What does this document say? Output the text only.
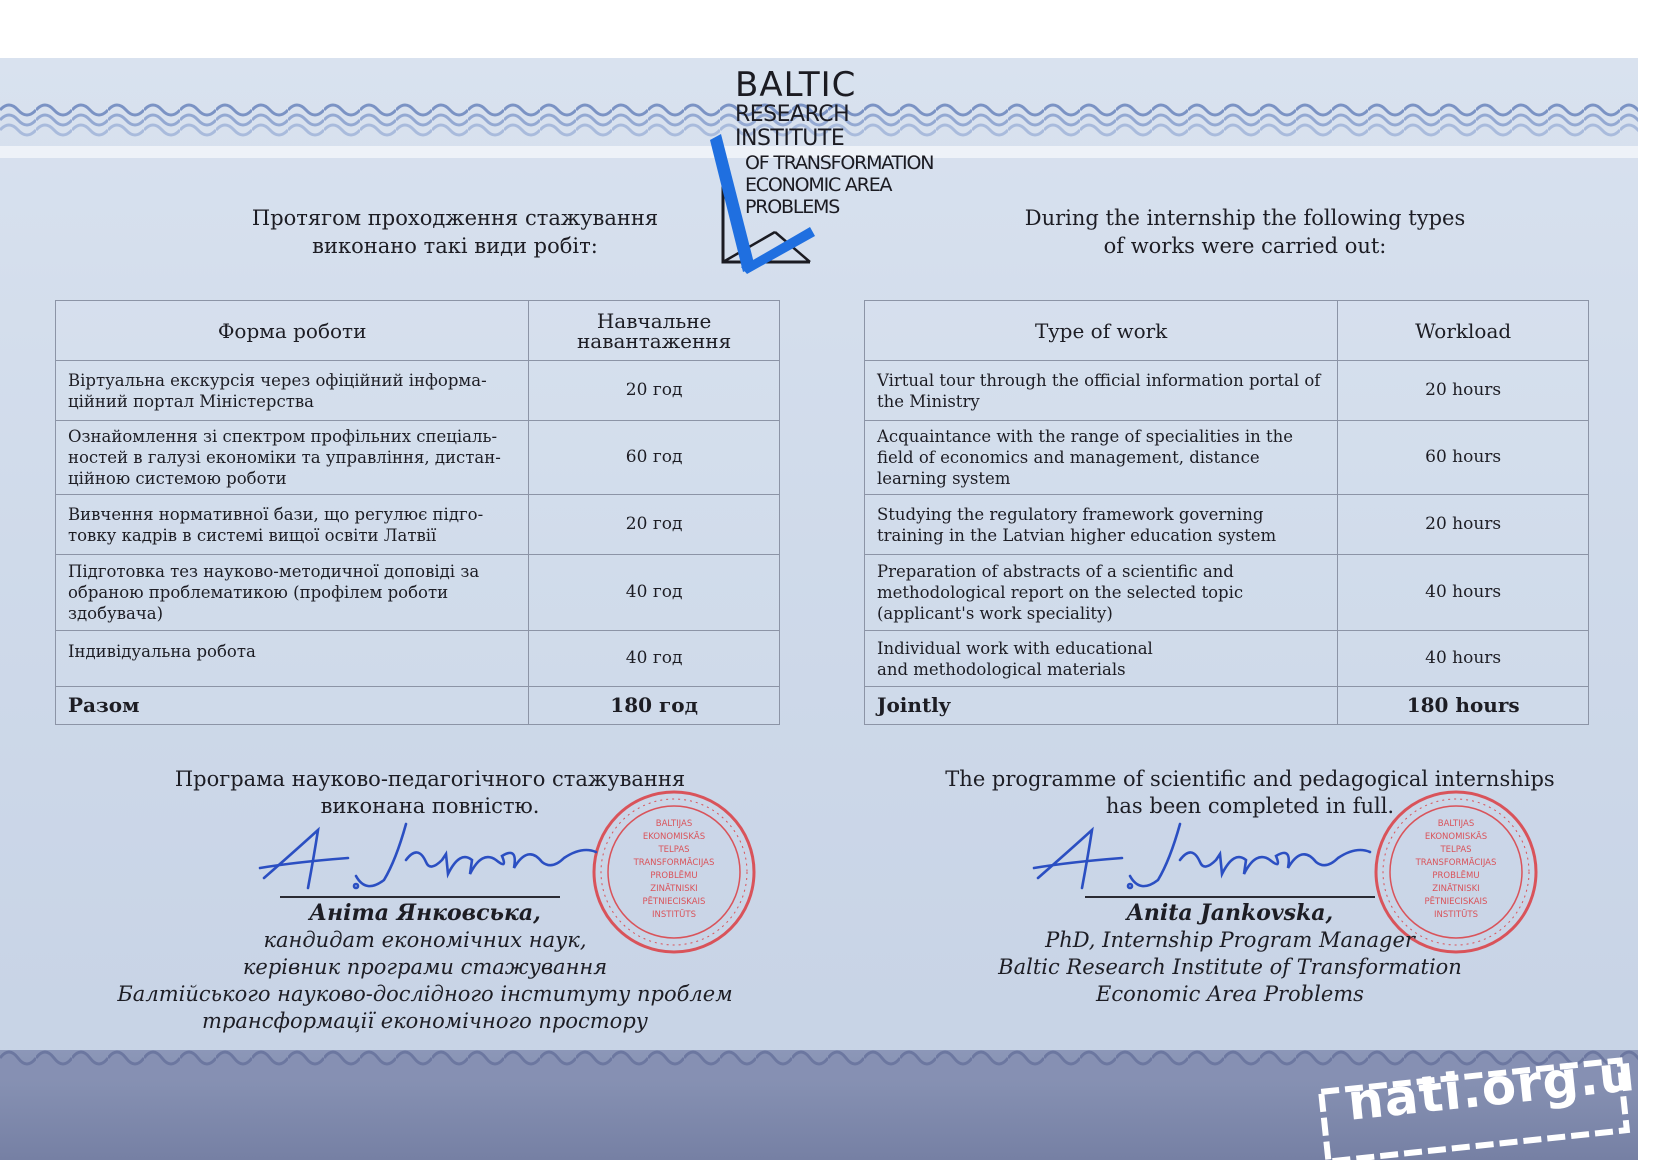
BALTIC
RESEARCH
INSTITUTE
OF TRANSFORMATION
ECONOMIC AREA
PROBLEMS
Протягом проходження стажування
виконано такі види робіт:
During the internship the following types
of works were carried out:
Форма роботи	Навчальне навантаження

Віртуальна екскурсія через офіційний інформа-
ційний портал Міністерства	20 год

Ознайомлення зі спектром профільних спеціаль-
ностей в галузі економіки та управління, дистан-
ційною системою роботи	60 год

Вивчення нормативної бази, що регулює підго-
товку кадрів в системі вищої освіти Латвії	20 год

Підготовка тез науково-методичної доповіді за
обраною проблематикою (профілем роботи
здобувача)	40 год

Індивідуальна робота	40 год
Разом	180 год
Type of work	Workload

Virtual tour through the official information portal of
the Ministry	20 hours

Acquaintance with the range of specialities in the
field of economics and management, distance
learning system	60 hours

Studying the regulatory framework governing
training in the Latvian higher education system	20 hours

Preparation of abstracts of a scientific and
methodological report on the selected topic
(applicant's work speciality)	40 hours

Individual work with educational
and methodological materials	40 hours
Jointly	180 hours
Програма науково-педагогічного стажування
виконана повністю.
The programme of scientific and pedagogical internships
has been completed in full.
BALTIJAS
EKONOMISKĀS
TELPAS
TRANSFORMĀCIJAS
PROBLĒMU
ZINĀTNISKI
PĒTNIECISKAIS
INSTITŪTS
BALTIJAS
EKONOMISKĀS
TELPAS
TRANSFORMĀCIJAS
PROBLĒMU
ZINĀTNISKI
PĒTNIECISKAIS
INSTITŪTS
Аніта Янковська,
кандидат економічних наук,
керівник програми стажування
Балтійського науково-дослідного інституту проблем
трансформації економічного простору
Anita Jankovska,
PhD, Internship Program Manager
Baltic Research Institute of Transformation
Economic Area Problems
nati.org.ua
